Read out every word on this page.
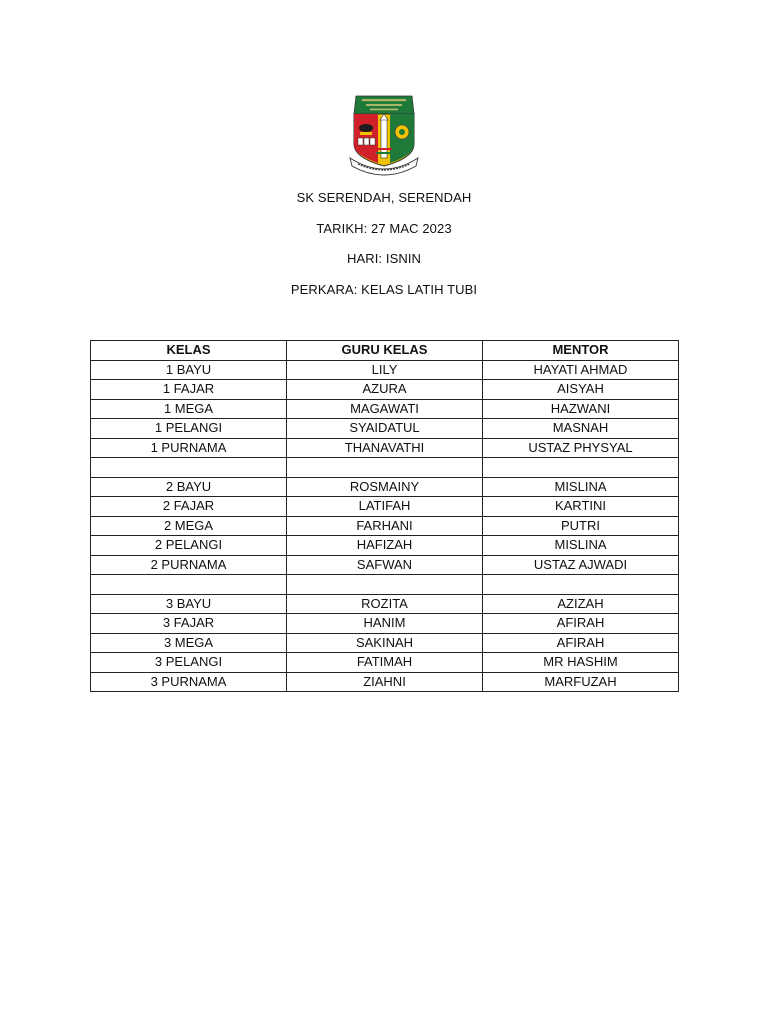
SK SERENDAH, SERENDAH
TARIKH: 27 MAC 2023
HARI: ISNIN
PERKARA: KELAS LATIH TUBI
KELAS	GURU KELAS	MENTOR
1 BAYU	LILY	HAYATI AHMAD
1 FAJAR	AZURA	AISYAH
1 MEGA	MAGAWATI	HAZWANI
1 PELANGI	SYAIDATUL	MASNAH
1 PURNAMA	THANAVATHI	USTAZ PHYSYAL

2 BAYU	ROSMAINY	MISLINA
2 FAJAR	LATIFAH	KARTINI
2 MEGA	FARHANI	PUTRI
2 PELANGI	HAFIZAH	MISLINA
2 PURNAMA	SAFWAN	USTAZ AJWADI

3 BAYU	ROZITA	AZIZAH
3 FAJAR	HANIM	AFIRAH
3 MEGA	SAKINAH	AFIRAH
3 PELANGI	FATIMAH	MR HASHIM
3 PURNAMA	ZIAHNI	MARFUZAH
